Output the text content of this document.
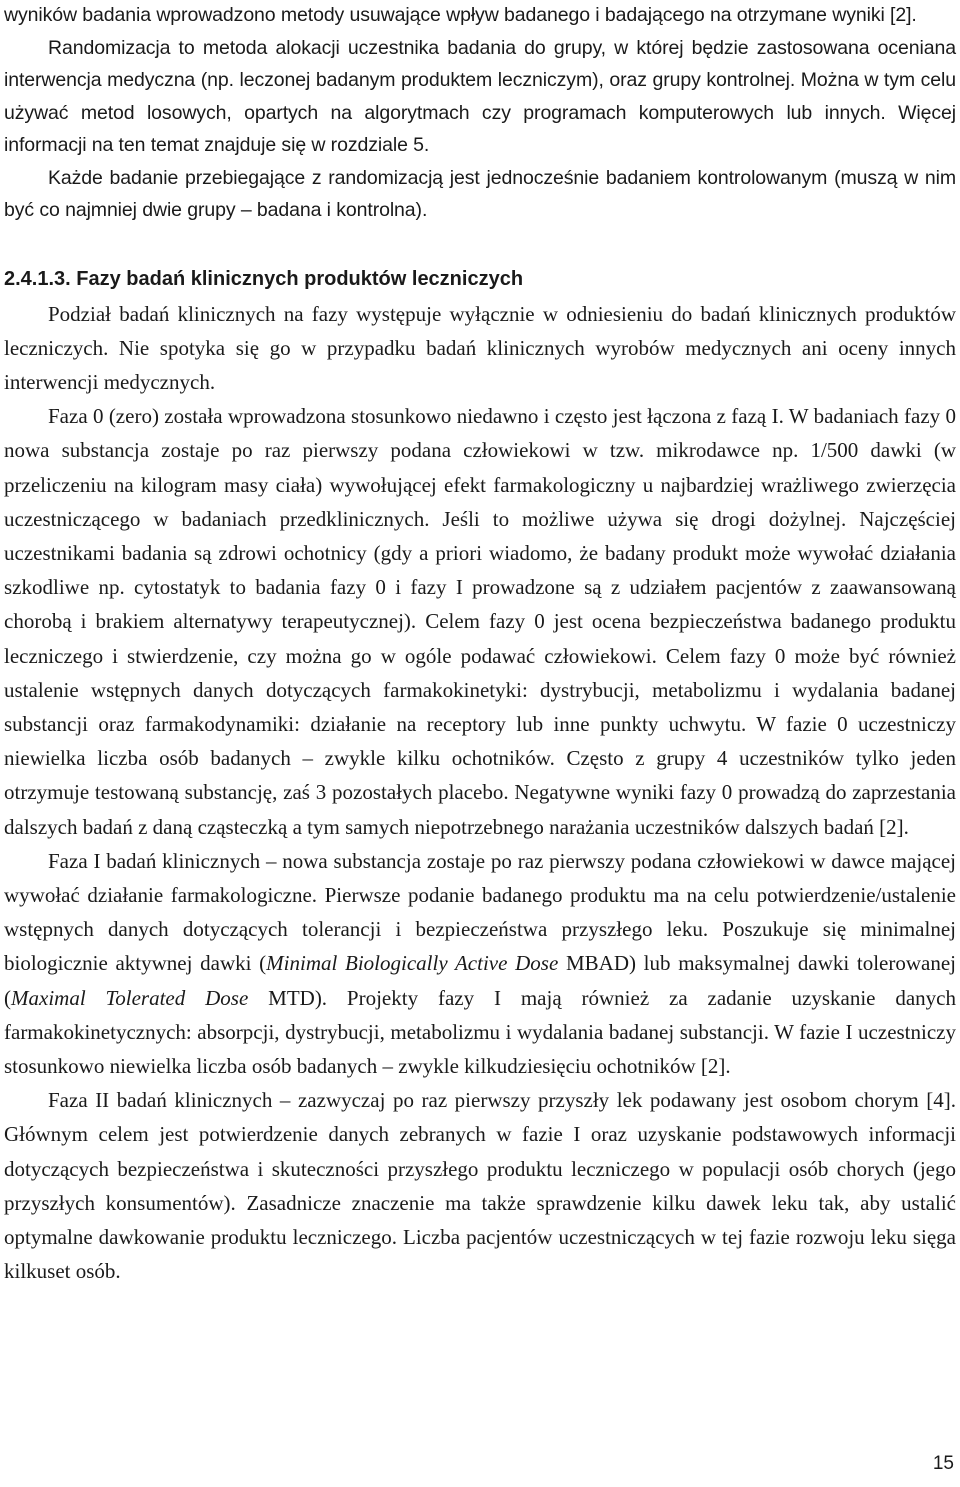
wyników badania wprowadzono metody usuwające wpływ badanego i badającego na otrzymane wyniki [2].

Randomizacja to metoda alokacji uczestnika badania do grupy, w której będzie zastosowana oceniana interwencja medyczna (np. leczonej badanym produktem leczniczym), oraz grupy kontrolnej. Można w tym celu używać metod losowych, opartych na algorytmach czy programach komputerowych lub innych. Więcej informacji na ten temat znajduje się w rozdziale 5.

Każde badanie przebiegające z randomizacją jest jednocześnie badaniem kontrolowanym (muszą w nim być co najmniej dwie grupy – badana i kontrolna).

2.4.1.3. Fazy badań klinicznych produktów leczniczych

Podział badań klinicznych na fazy występuje wyłącznie w odniesieniu do badań klinicznych produktów leczniczych. Nie spotyka się go w przypadku badań klinicznych wyrobów medycznych ani oceny innych interwencji medycznych.

Faza 0 (zero) została wprowadzona stosunkowo niedawno i często jest łączona z fazą I. W badaniach fazy 0 nowa substancja zostaje po raz pierwszy podana człowiekowi w tzw. mikrodawce np. 1/500 dawki (w przeliczeniu na kilogram masy ciała) wywołującej efekt farmakologiczny u najbardziej wrażliwego zwierzęcia uczestniczącego w badaniach przedklinicznych. Jeśli to możliwe używa się drogi dożylnej. Najczęściej uczestnikami badania są zdrowi ochotnicy (gdy a priori wiadomo, że badany produkt może wywołać działania szkodliwe np. cytostatyk to badania fazy 0 i fazy I prowadzone są z udziałem pacjentów z zaawansowaną chorobą i brakiem alternatywy terapeutycznej). Celem fazy 0 jest ocena bezpieczeństwa badanego produktu leczniczego i stwierdzenie, czy można go w ogóle podawać człowiekowi. Celem fazy 0 może być również ustalenie wstępnych danych dotyczących farmakokinetyki: dystrybucji, metabolizmu i wydalania badanej substancji oraz farmakodynamiki: działanie na receptory lub inne punkty uchwytu. W fazie 0 uczestniczy niewielka liczba osób badanych – zwykle kilku ochotników. Często z grupy 4 uczestników tylko jeden otrzymuje testowaną substancję, zaś 3 pozostałych placebo. Negatywne wyniki fazy 0 prowadzą do zaprzestania dalszych badań z daną cząsteczką a tym samych niepotrzebnego narażania uczestników dalszych badań [2].

Faza I badań klinicznych – nowa substancja zostaje po raz pierwszy podana człowiekowi w dawce mającej wywołać działanie farmakologiczne. Pierwsze podanie badanego produktu ma na celu potwierdzenie/ustalenie wstępnych danych dotyczących tolerancji i bezpieczeństwa przyszłego leku. Poszukuje się minimalnej biologicznie aktywnej dawki (Minimal Biologically Active Dose MBAD) lub maksymalnej dawki tolerowanej (Maximal Tolerated Dose MTD). Projekty fazy I mają również za zadanie uzyskanie danych farmakokinetycznych: absorpcji, dystrybucji, metabolizmu i wydalania badanej substancji. W fazie I uczestniczy stosunkowo niewielka liczba osób badanych – zwykle kilkudziesięciu ochotników [2].

Faza II badań klinicznych – zazwyczaj po raz pierwszy przyszły lek podawany jest osobom chorym [4]. Głównym celem jest potwierdzenie danych zebranych w fazie I oraz uzyskanie podstawowych informacji dotyczących bezpieczeństwa i skuteczności przyszłego produktu leczniczego w populacji osób chorych (jego przyszłych konsumentów). Zasadnicze znaczenie ma także sprawdzenie kilku dawek leku tak, aby ustalić optymalne dawkowanie produktu leczniczego. Liczba pacjentów uczestniczących w tej fazie rozwoju leku sięga kilkuset osób.

15
